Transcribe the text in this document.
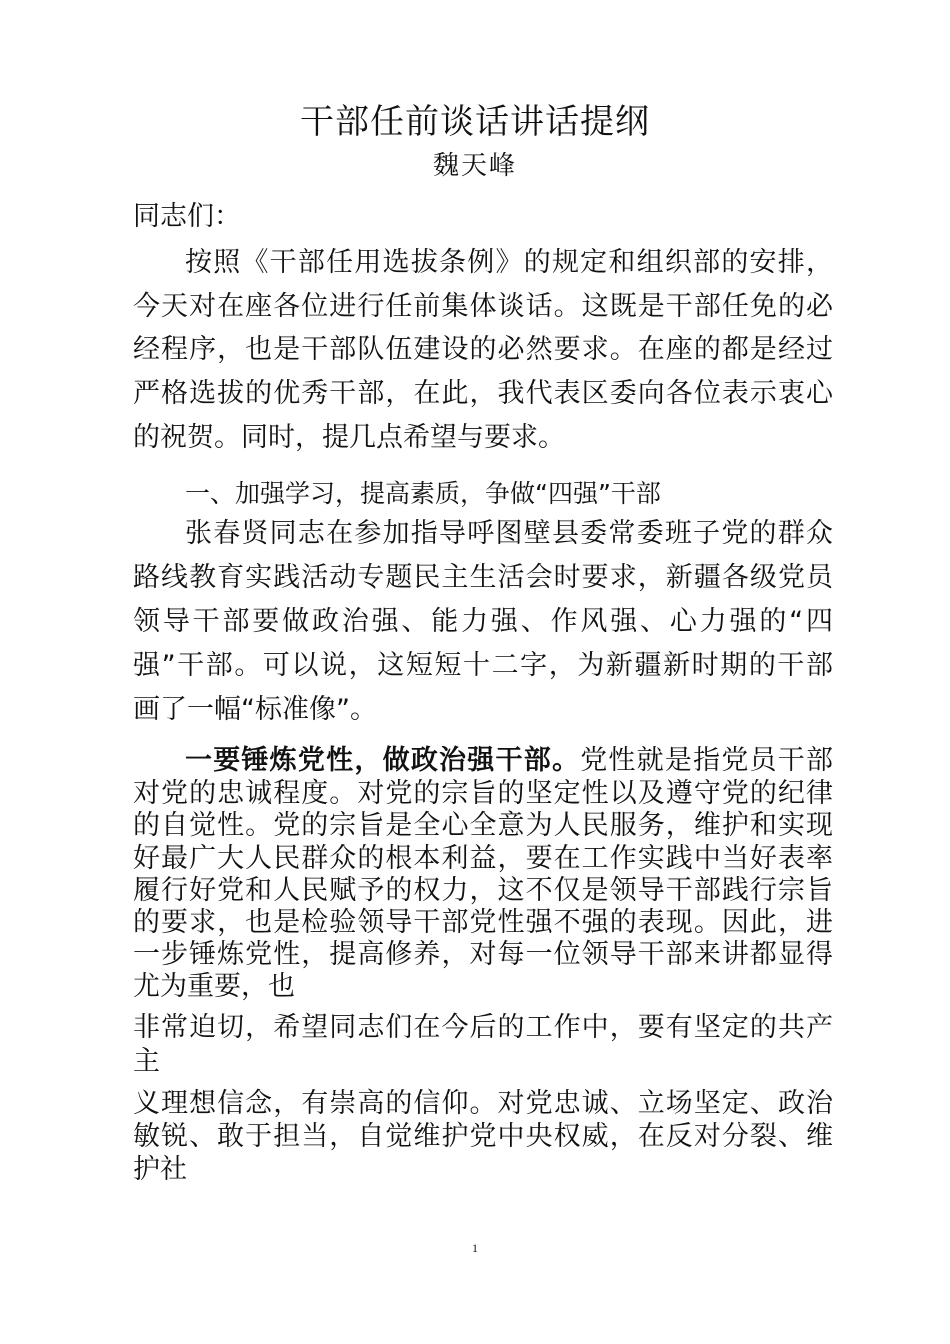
干部任前谈话讲话提纲
魏天峰
同志们：
按照《干部任用选拔条例》的规定和组织部的安排，
今天对在座各位进行任前集体谈话。这既是干部任免的必
经程序，也是干部队伍建设的必然要求。在座的都是经过
严格选拔的优秀干部，在此，我代表区委向各位表示衷心
的祝贺。同时，提几点希望与要求。
一、加强学习，提高素质，争做“四强”干部
张春贤同志在参加指导呼图壁县委常委班子党的群众
路线教育实践活动专题民主生活会时要求，新疆各级党员
领导干部要做政治强、能力强、作风强、心力强的“四
强”干部。可以说，这短短十二字，为新疆新时期的干部
画了一幅“标准像”。
一要锤炼党性，做政治强干部。党性就是指党员干部
对党的忠诚程度。对党的宗旨的坚定性以及遵守党的纪律
的自觉性。党的宗旨是全心全意为人民服务，维护和实现
好最广大人民群众的根本利益，要在工作实践中当好表率
履行好党和人民赋予的权力，这不仅是领导干部践行宗旨
的要求，也是检验领导干部党性强不强的表现。因此，进
一步锤炼党性，提高修养，对每一位领导干部来讲都显得
尤为重要，也
非常迫切，希望同志们在今后的工作中，要有坚定的共产
主
义理想信念，有崇高的信仰。对党忠诚、立场坚定、政治
敏锐、敢于担当，自觉维护党中央权威，在反对分裂、维
护社
1
